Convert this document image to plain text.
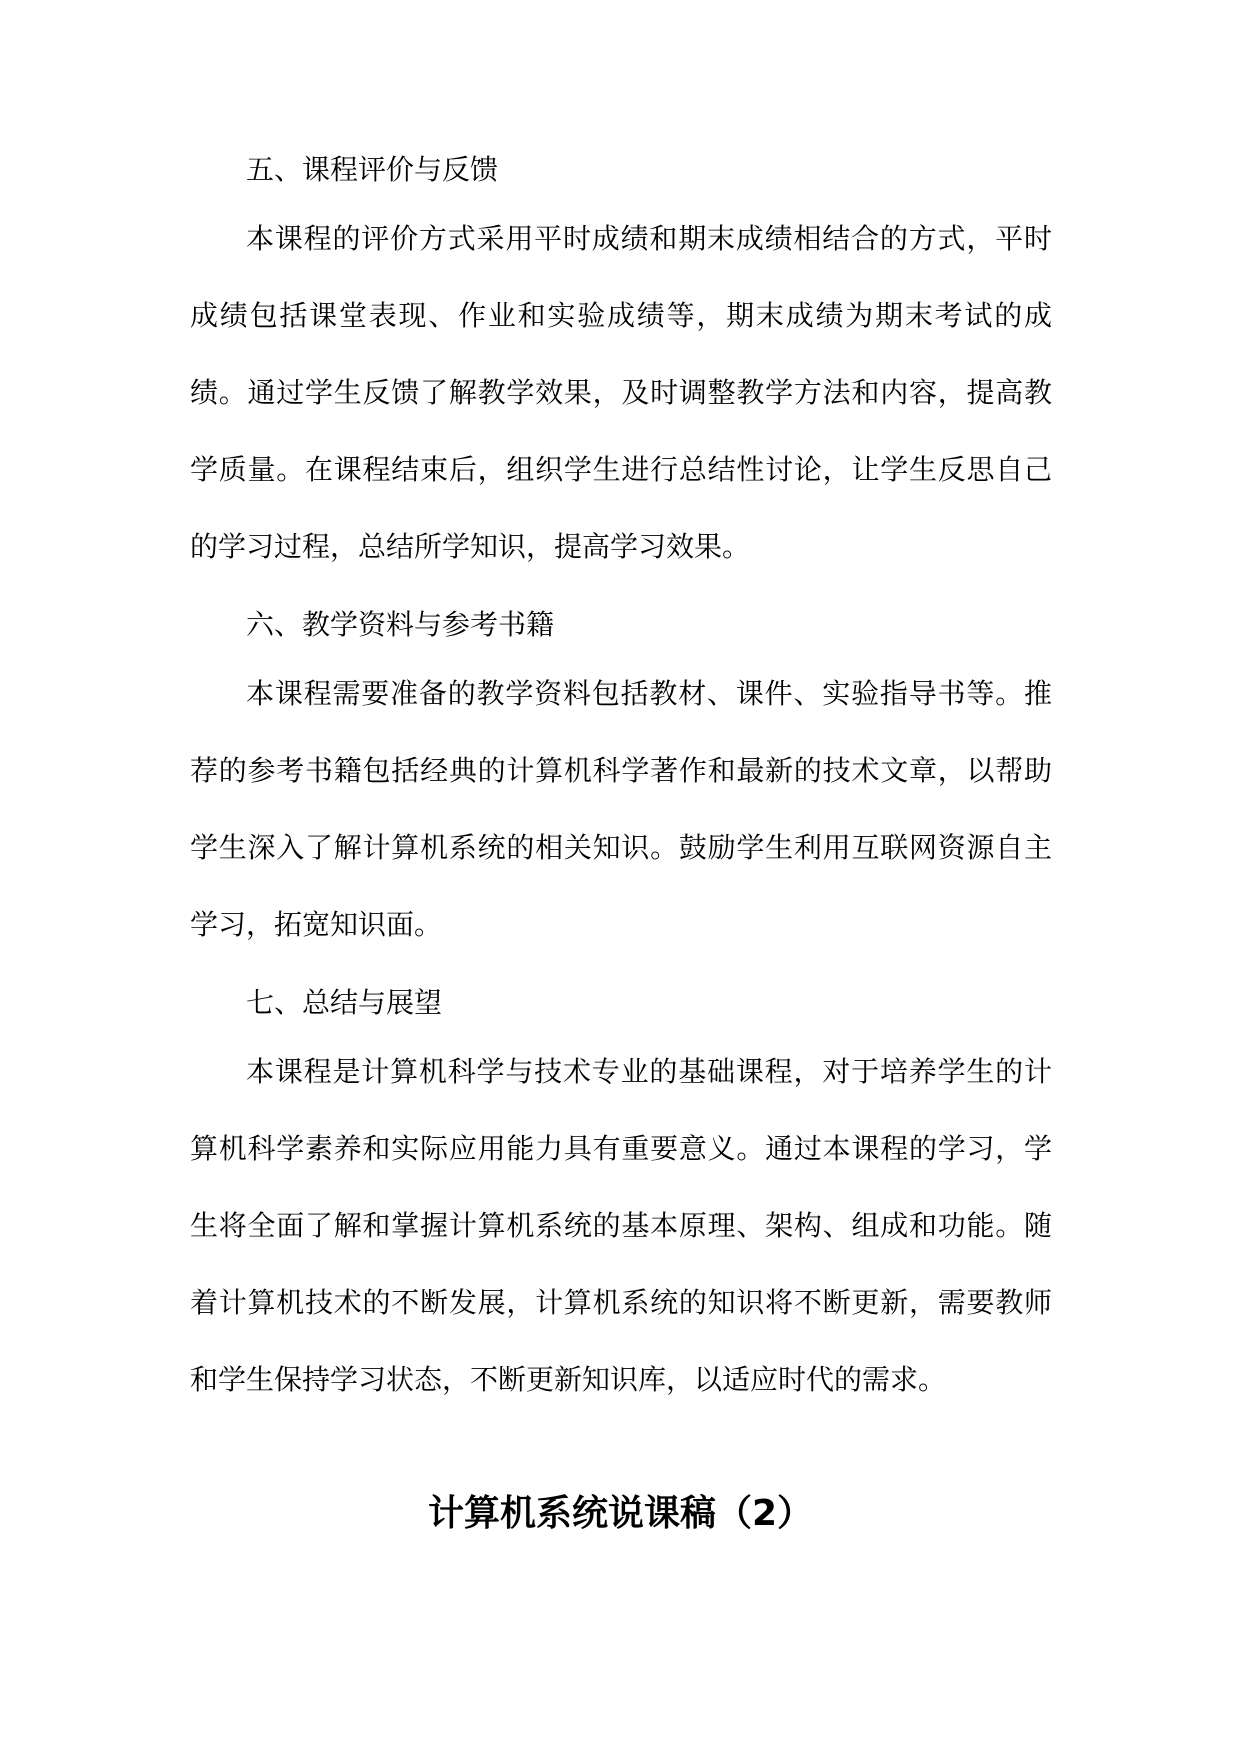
五、课程评价与反馈

本课程的评价方式采用平时成绩和期末成绩相结合的方式，平时成绩包括课堂表现、作业和实验成绩等，期末成绩为期末考试的成绩。通过学生反馈了解教学效果，及时调整教学方法和内容，提高教学质量。在课程结束后，组织学生进行总结性讨论，让学生反思自己的学习过程，总结所学知识，提高学习效果。

六、教学资料与参考书籍

本课程需要准备的教学资料包括教材、课件、实验指导书等。推荐的参考书籍包括经典的计算机科学著作和最新的技术文章，以帮助学生深入了解计算机系统的相关知识。鼓励学生利用互联网资源自主学习，拓宽知识面。

七、总结与展望

本课程是计算机科学与技术专业的基础课程，对于培养学生的计算机科学素养和实际应用能力具有重要意义。通过本课程的学习，学生将全面了解和掌握计算机系统的基本原理、架构、组成和功能。随着计算机技术的不断发展，计算机系统的知识将不断更新，需要教师和学生保持学习状态，不断更新知识库，以适应时代的需求。

计算机系统说课稿（2）
